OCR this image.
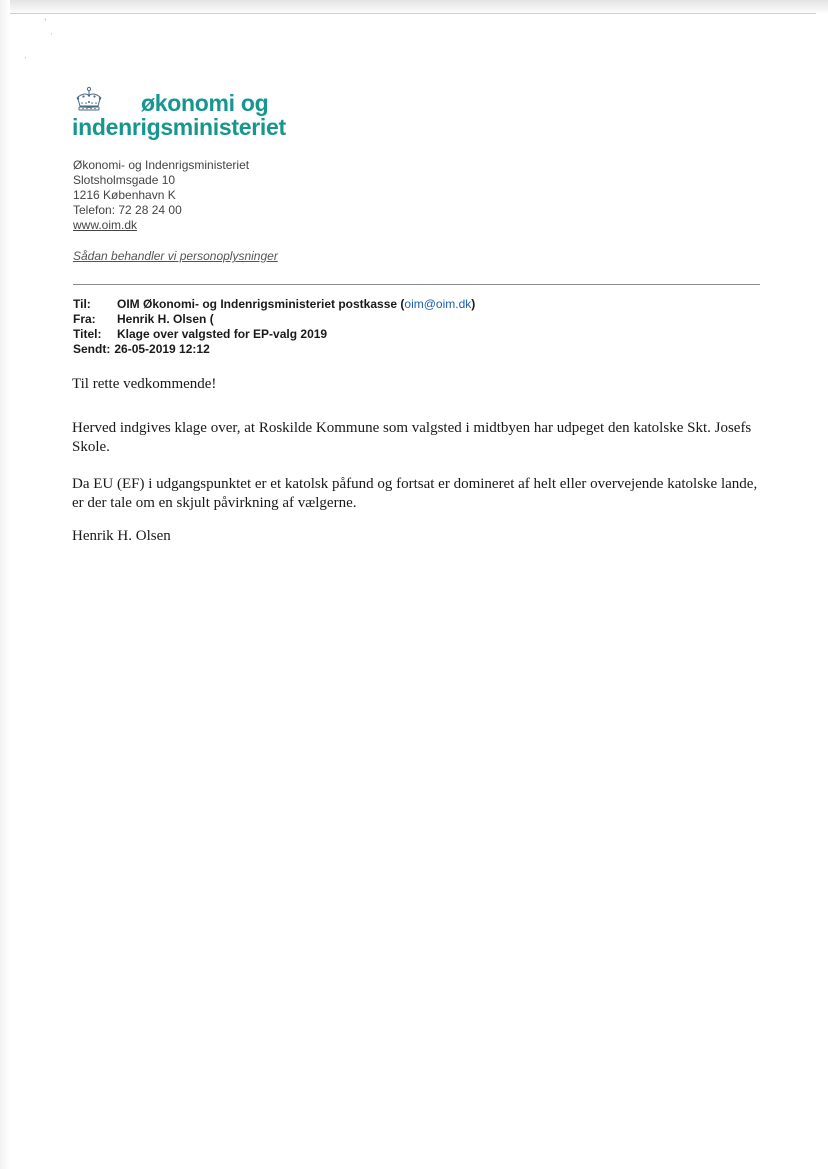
ʻ
·
·
økonomi og
indenrigsministeriet
Økonomi- og Indenrigsministeriet
Slotsholmsgade 10
1216 København K
Telefon: 72 28 24 00
www.oim.dk
Sådan behandler vi personoplysninger
Til: OIM Økonomi- og Indenrigsministeriet postkasse (oim@oim.dk)
Fra: Henrik H. Olsen (
Titel: Klage over valgsted for EP-valg 2019
Sendt: 26-05-2019 12:12

Til rette vedkommende!

Herved indgives klage over, at Roskilde Kommune som valgsted i midtbyen har udpeget den katolske Skt. Josefs Skole.

Da EU (EF) i udgangspunktet er et katolsk påfund og fortsat er domineret af helt eller overvejende katolske lande, er der tale om en skjult påvirkning af vælgerne.

Henrik H. Olsen
